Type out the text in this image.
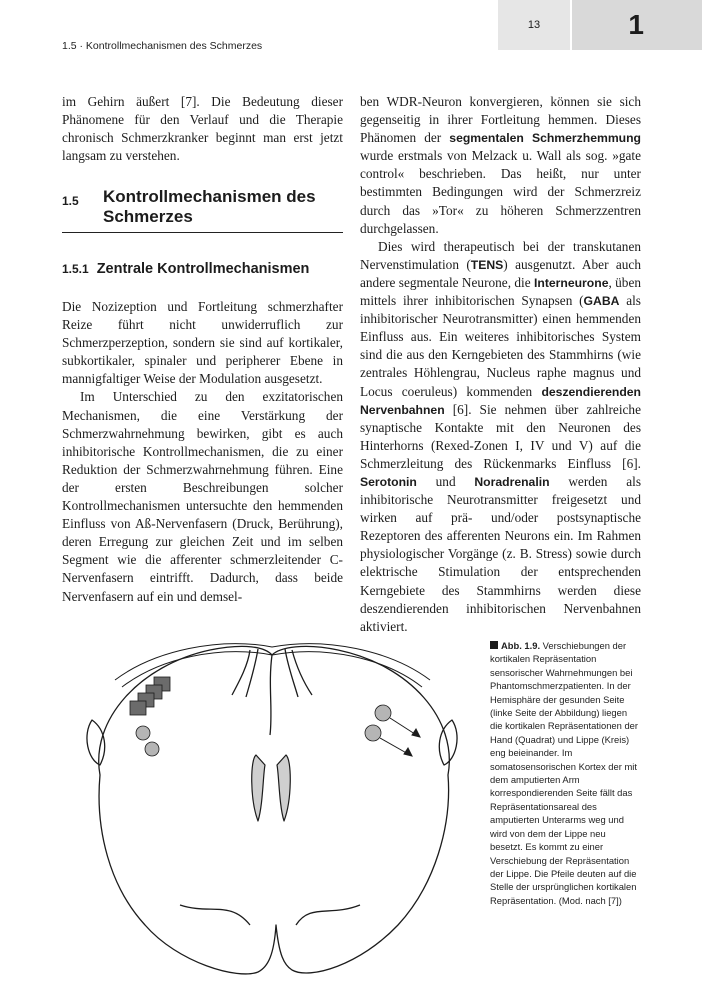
1.5 · Kontrollmechanismen des Schmerzes
13	1

im Gehirn äußert [7]. Die Bedeutung dieser Phänomene für den Verlauf und die Therapie chronisch Schmerzkranker beginnt man erst jetzt langsam zu verstehen.

1.5 Kontrollmechanismen des Schmerzes
1.5.1 Zentrale Kontrollmechanismen

Die Nozizeption und Fortleitung schmerzhafter Reize führt nicht unwiderruflich zur Schmerzperzeption, sondern sie sind auf kortikaler, subkortikaler, spinaler und peripherer Ebene in mannigfaltiger Weise der Modulation ausgesetzt.

Im Unterschied zu den exzitatorischen Mechanismen, die eine Verstärkung der Schmerzwahrnehmung bewirken, gibt es auch inhibitorische Kontrollmechanismen, die zu einer Reduktion der Schmerzwahrnehmung führen. Eine der ersten Beschreibungen solcher Kontrollmechanismen untersuchte den hemmenden Einfluss von Aß-Nervenfasern (Druck, Berührung), deren Erregung zur gleichen Zeit und im selben Segment wie die afferenter schmerzleitender C-Nervenfasern eintrifft. Dadurch, dass beide Nervenfasern auf ein und demsel-

ben WDR-Neuron konvergieren, können sie sich gegenseitig in ihrer Fortleitung hemmen. Dieses Phänomen der segmentalen Schmerzhemmung wurde erstmals von Melzack u. Wall als sog. »gate control« beschrieben. Das heißt, nur unter bestimmten Bedingungen wird der Schmerzreiz durch das »Tor« zu höheren Schmerzzentren durchgelassen.

Dies wird therapeutisch bei der transkutanen Nervenstimulation (TENS) ausgenutzt. Aber auch andere segmentale Neurone, die Interneurone, üben mittels ihrer inhibitorischen Synapsen (GABA als inhibitorischer Neurotransmitter) einen hemmenden Einfluss aus. Ein weiteres inhibitorisches System sind die aus den Kerngebieten des Stammhirns (wie zentrales Höhlengrau, Nucleus raphe magnus und Locus coeruleus) kommenden deszendierenden Nervenbahnen [6]. Sie nehmen über zahlreiche synaptische Kontakte mit den Neuronen des Hinterhorns (Rexed-Zonen I, IV und V) auf die Schmerzleitung des Rückenmarks Einfluss [6]. Serotonin und Noradrenalin werden als inhibitorische Neurotransmitter freigesetzt und wirken auf prä- und/oder postsynaptische Rezeptoren des afferenten Neurons ein. Im Rahmen physiologischer Vorgänge (z. B. Stress) sowie durch elektrische Stimulation der entsprechenden Kerngebiete des Stammhirns werden diese deszendierenden inhibitorischen Nervenbahnen aktiviert.

Abb. 1.9. Verschiebungen der kortikalen Repräsentation sensorischer Wahrnehmungen bei Phantomschmerzpatienten. In der Hemisphäre der gesunden Seite (linke Seite der Abbildung) liegen die kortikalen Repräsentationen der Hand (Quadrat) und Lippe (Kreis) eng beieinander. Im somatosensorischen Kortex der mit dem amputierten Arm korrespondierenden Seite fällt das Repräsentationsareal des amputierten Unterarms weg und wird von dem der Lippe neu besetzt. Es kommt zu einer Verschiebung der Repräsentation der Lippe. Die Pfeile deuten auf die Stelle der ursprünglichen kortikalen Repräsentation. (Mod. nach [7])
